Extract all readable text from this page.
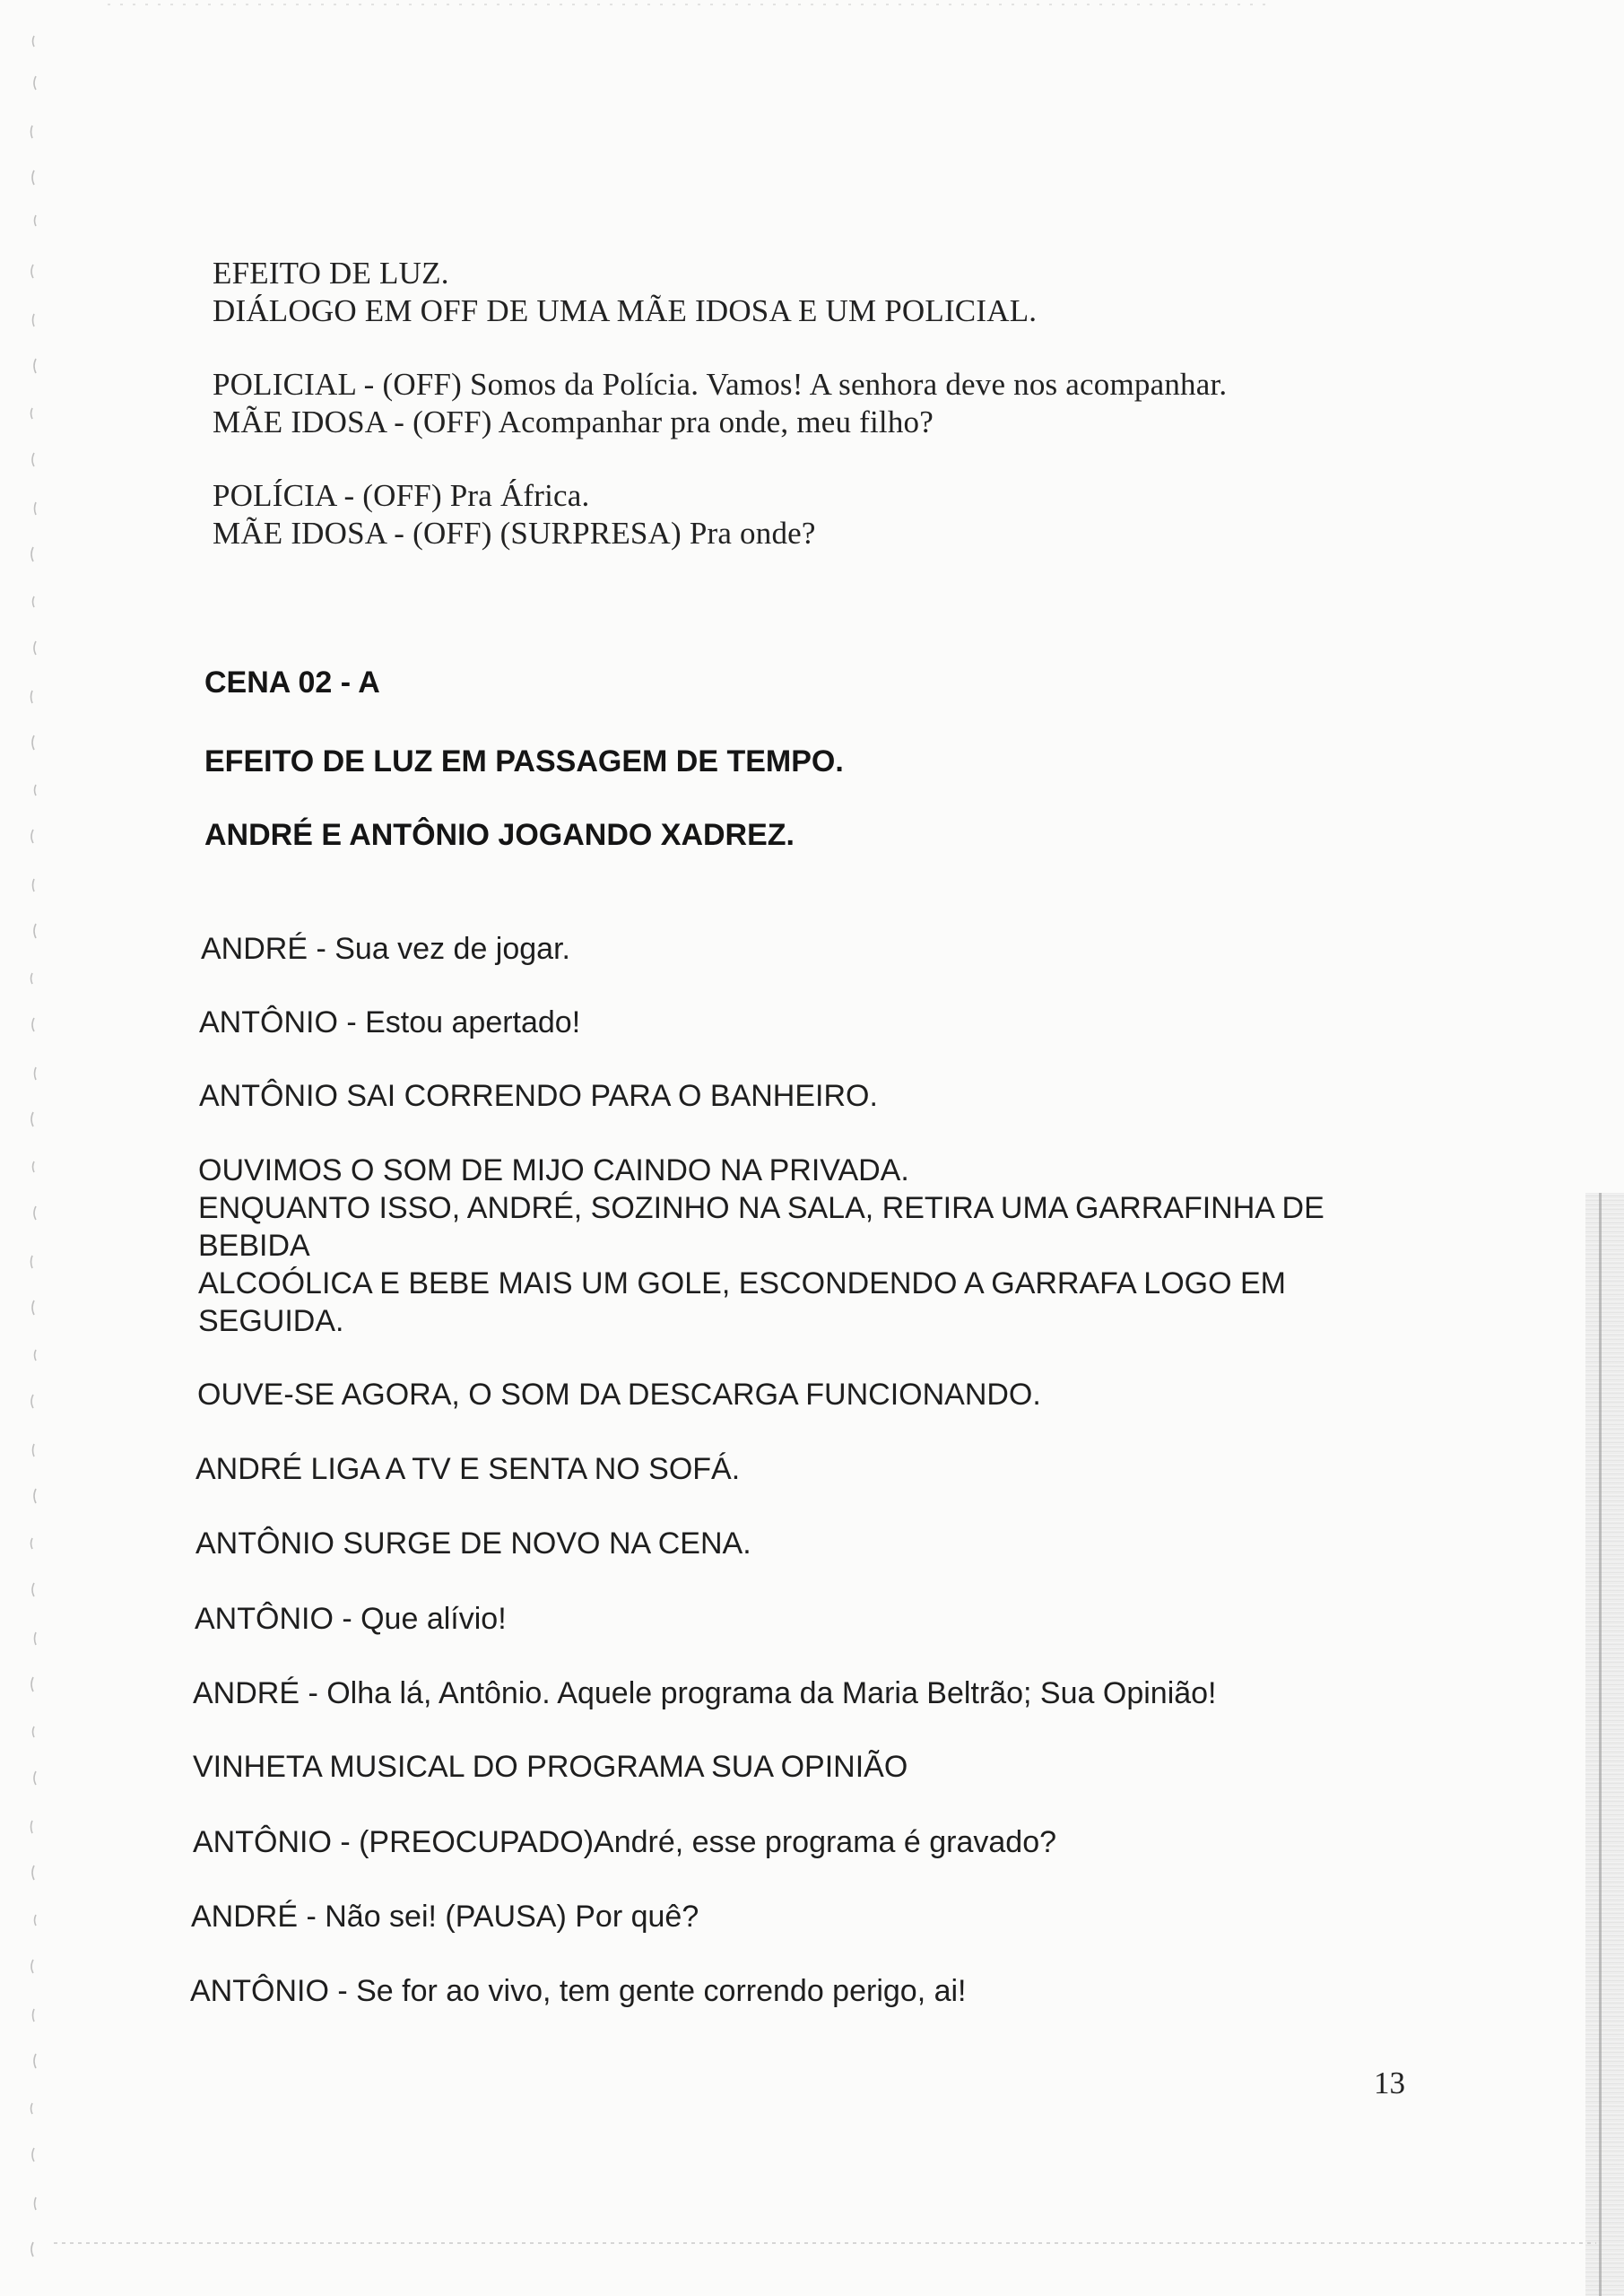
EFEITO DE LUZ.

DIÁLOGO EM OFF DE UMA MÃE IDOSA E UM POLICIAL.

POLICIAL - (OFF) Somos da Polícia. Vamos! A senhora deve nos acompanhar.

MÃE IDOSA - (OFF) Acompanhar pra onde, meu filho?

POLÍCIA - (OFF) Pra África.

MÃE IDOSA - (OFF) (SURPRESA) Pra onde?

CENA 02 - A

EFEITO DE LUZ EM PASSAGEM DE TEMPO.

ANDRÉ E ANTÔNIO JOGANDO XADREZ.

ANDRÉ - Sua vez de jogar.

ANTÔNIO - Estou apertado!

ANTÔNIO SAI CORRENDO PARA O BANHEIRO.

OUVIMOS O SOM DE MIJO CAINDO NA PRIVADA.

ENQUANTO ISSO, ANDRÉ, SOZINHO NA SALA, RETIRA UMA GARRAFINHA DE

BEBIDA

ALCOÓLICA E BEBE MAIS UM GOLE, ESCONDENDO A GARRAFA LOGO EM

SEGUIDA.

OUVE-SE AGORA, O SOM DA DESCARGA FUNCIONANDO.

ANDRÉ LIGA A TV E SENTA NO SOFÁ.

ANTÔNIO SURGE DE NOVO NA CENA.

ANTÔNIO - Que alívio!

ANDRÉ - Olha lá, Antônio. Aquele programa da Maria Beltrão; Sua Opinião!

VINHETA MUSICAL DO PROGRAMA SUA OPINIÃO

ANTÔNIO - (PREOCUPADO)André, esse programa é gravado?

ANDRÉ - Não sei! (PAUSA) Por quê?

ANTÔNIO - Se for ao vivo, tem gente correndo perigo, ai!

13
